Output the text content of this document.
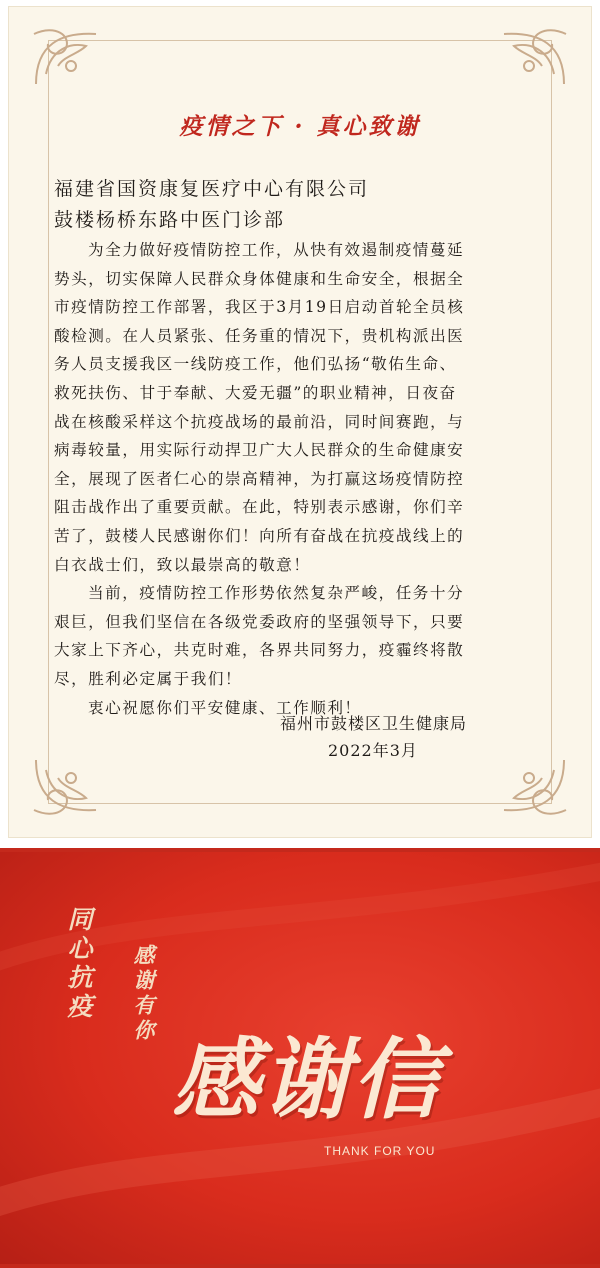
疫情之下 · 真心致谢
福建省国资康复医疗中心有限公司
鼓楼杨桥东路中医门诊部
为全力做好疫情防控工作，从快有效遏制疫情蔓延
势头，切实保障人民群众身体健康和生命安全，根据全
市疫情防控工作部署，我区于3月19日启动首轮全员核
酸检测。在人员紧张、任务重的情况下，贵机构派出医
务人员支援我区一线防疫工作，他们弘扬“敬佑生命、
救死扶伤、甘于奉献、大爱无疆”的职业精神，日夜奋
战在核酸采样这个抗疫战场的最前沿，同时间赛跑，与
病毒较量，用实际行动捍卫广大人民群众的生命健康安
全，展现了医者仁心的崇高精神，为打赢这场疫情防控
阻击战作出了重要贡献。在此，特别表示感谢，你们辛
苦了，鼓楼人民感谢你们！向所有奋战在抗疫战线上的
白衣战士们，致以最崇高的敬意！
当前，疫情防控工作形势依然复杂严峻，任务十分
艰巨，但我们坚信在各级党委政府的坚强领导下，只要
大家上下齐心，共克时难，各界共同努力，疫霾终将散
尽，胜利必定属于我们！
衷心祝愿你们平安健康、工作顺利！
福州市鼓楼区卫生健康局
2022年3月
同心抗疫 感谢有你
感谢信
THANK FOR YOU
